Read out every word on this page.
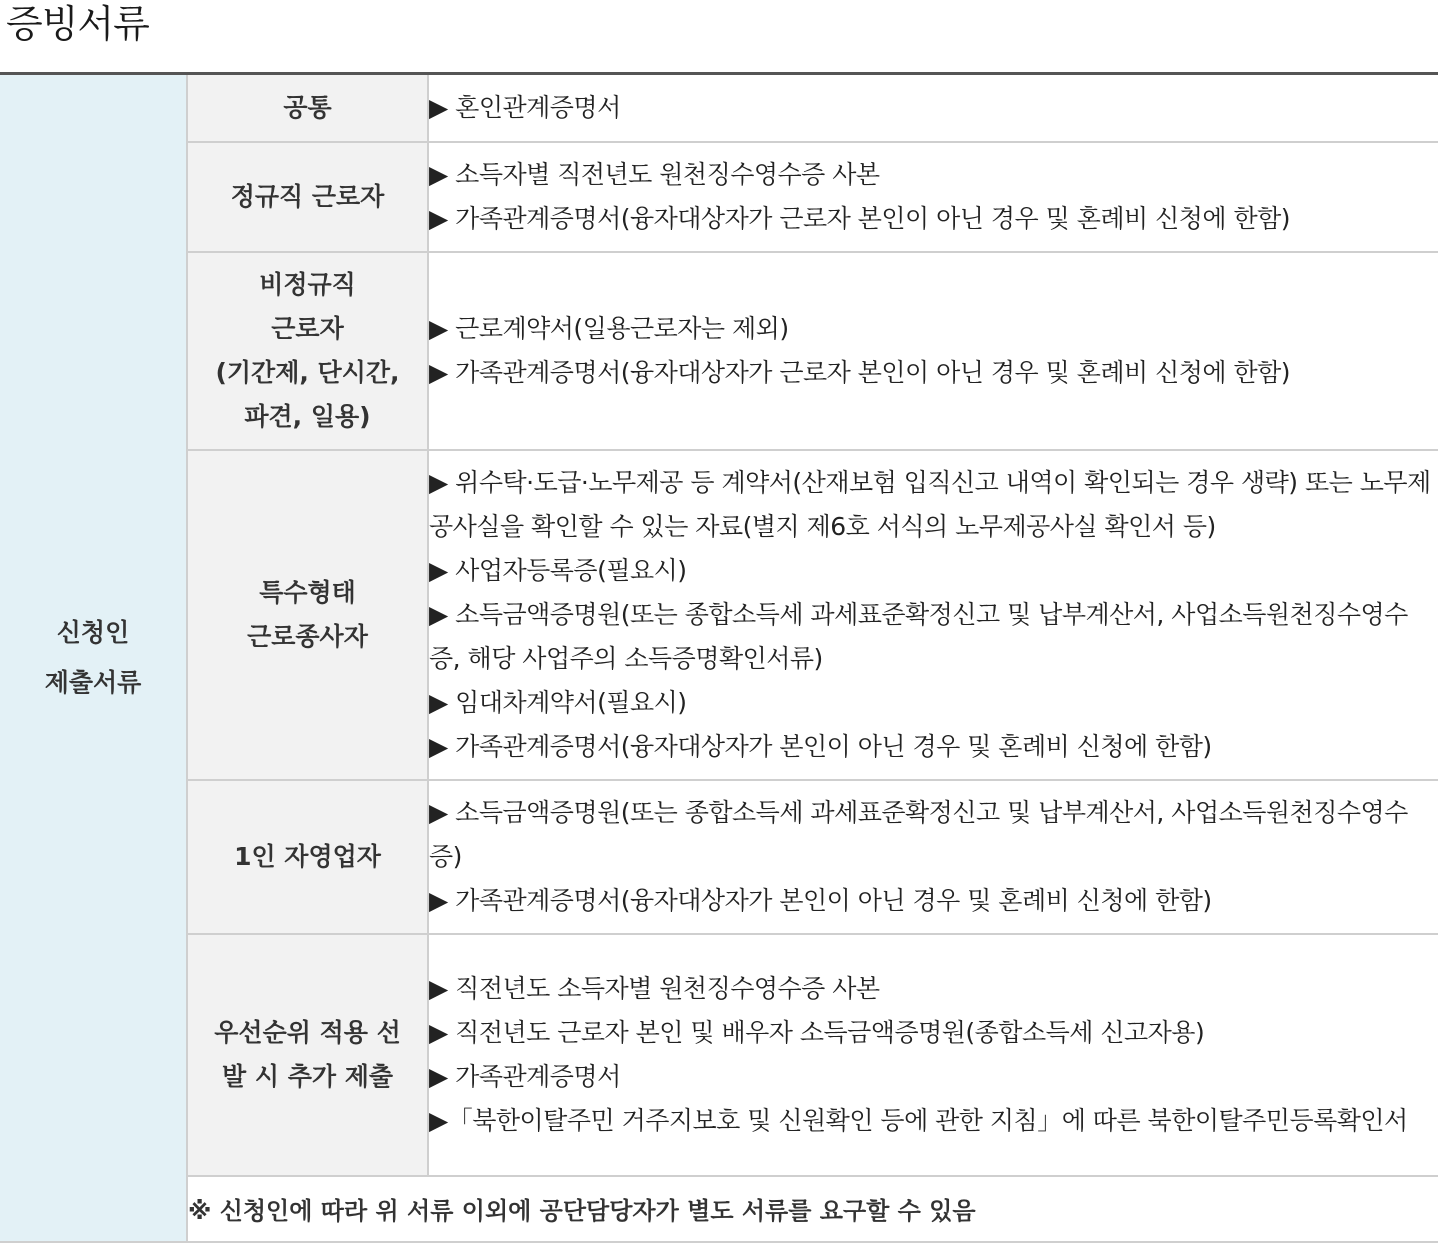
증빙서류
신청인
제출서류	공통	▶ 혼인관계증명서

	정규직 근로자	▶ 소득자별 직전년도 원천징수영수증 사본
▶ 가족관계증명서(융자대상자가 근로자 본인이 아닌 경우 및 혼례비 신청에 한함)

	비정규직
근로자
(기간제, 단시간,
파견, 일용)	▶ 근로계약서(일용근로자는 제외)
▶ 가족관계증명서(융자대상자가 근로자 본인이 아닌 경우 및 혼례비 신청에 한함)

	특수형태
근로종사자	▶ 위수탁·도급·노무제공 등 계약서(산재보험 입직신고 내역이 확인되는 경우 생략) 또는 노무제공사실을 확인할 수 있는 자료(별지 제6호 서식의 노무제공사실 확인서 등)
▶ 사업자등록증(필요시)
▶ 소득금액증명원(또는 종합소득세 과세표준확정신고 및 납부계산서, 사업소득원천징수영수증, 해당 사업주의 소득증명확인서류)
▶ 임대차계약서(필요시)
▶ 가족관계증명서(융자대상자가 본인이 아닌 경우 및 혼례비 신청에 한함)

	1인 자영업자	▶ 소득금액증명원(또는 종합소득세 과세표준확정신고 및 납부계산서, 사업소득원천징수영수증)
▶ 가족관계증명서(융자대상자가 본인이 아닌 경우 및 혼례비 신청에 한함)

	우선순위 적용 선
발 시 추가 제출	▶ 직전년도 소득자별 원천징수영수증 사본
▶ 직전년도 근로자 본인 및 배우자 소득금액증명원(종합소득세 신고자용)
▶ 가족관계증명서
▶「북한이탈주민 거주지보호 및 신원확인 등에 관한 지침」에 따른 북한이탈주민등록확인서

	※ 신청인에 따라 위 서류 이외에 공단담당자가 별도 서류를 요구할 수 있음	
